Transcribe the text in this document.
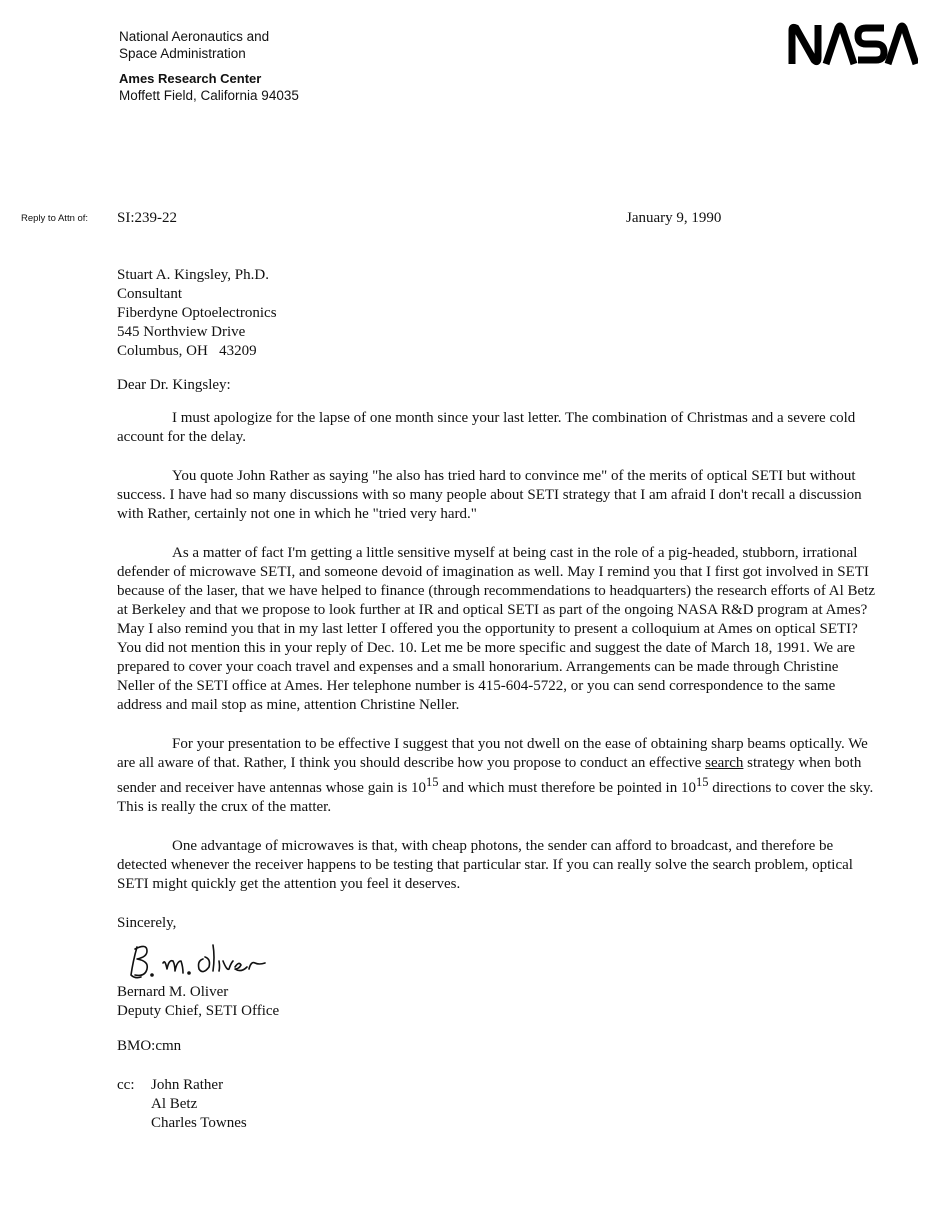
National Aeronautics and
Space Administration
Ames Research Center
Moffett Field, California 94035
Reply to Attn of: SI:239-22	January 9, 1990
Stuart A. Kingsley, Ph.D.
Consultant
Fiberdyne Optoelectronics
545 Northview Drive
Columbus, OH   43209

Dear Dr. Kingsley:

I must apologize for the lapse of one month since your last letter. The combination of Christmas and a severe cold account for the delay.

You quote John Rather as saying "he also has tried hard to convince me" of the merits of optical SETI but without success. I have had so many discussions with so many people about SETI strategy that I am afraid I don't recall a discussion with Rather, certainly not one in which he "tried very hard."

As a matter of fact I'm getting a little sensitive myself at being cast in the role of a pig-headed, stubborn, irrational defender of microwave SETI, and someone devoid of imagination as well. May I remind you that I first got involved in SETI because of the laser, that we have helped to finance (through recommendations to headquarters) the research efforts of Al Betz at Berkeley and that we propose to look further at IR and optical SETI as part of the ongoing NASA R&D program at Ames? May I also remind you that in my last letter I offered you the opportunity to present a colloquium at Ames on optical SETI? You did not mention this in your reply of Dec. 10. Let me be more specific and suggest the date of March 18, 1991. We are prepared to cover your coach travel and expenses and a small honorarium. Arrangements can be made through Christine Neller of the SETI office at Ames. Her telephone number is 415-604-5722, or you can send correspondence to the same address and mail stop as mine, attention Christine Neller.

For your presentation to be effective I suggest that you not dwell on the ease of obtaining sharp beams optically. We are all aware of that. Rather, I think you should describe how you propose to conduct an effective search strategy when both sender and receiver have antennas whose gain is $10^{15}$ and which must therefore be pointed in $10^{15}$ directions to cover the sky. This is really the crux of the matter.

One advantage of microwaves is that, with cheap photons, the sender can afford to broadcast, and therefore be detected whenever the receiver happens to be testing that particular star. If you can really solve the search problem, optical SETI might quickly get the attention you feel it deserves.

Sincerely,

Bernard M. Oliver
Deputy Chief, SETI Office

BMO:cmn

cc:	John Rather
Al Betz
Charles Townes
